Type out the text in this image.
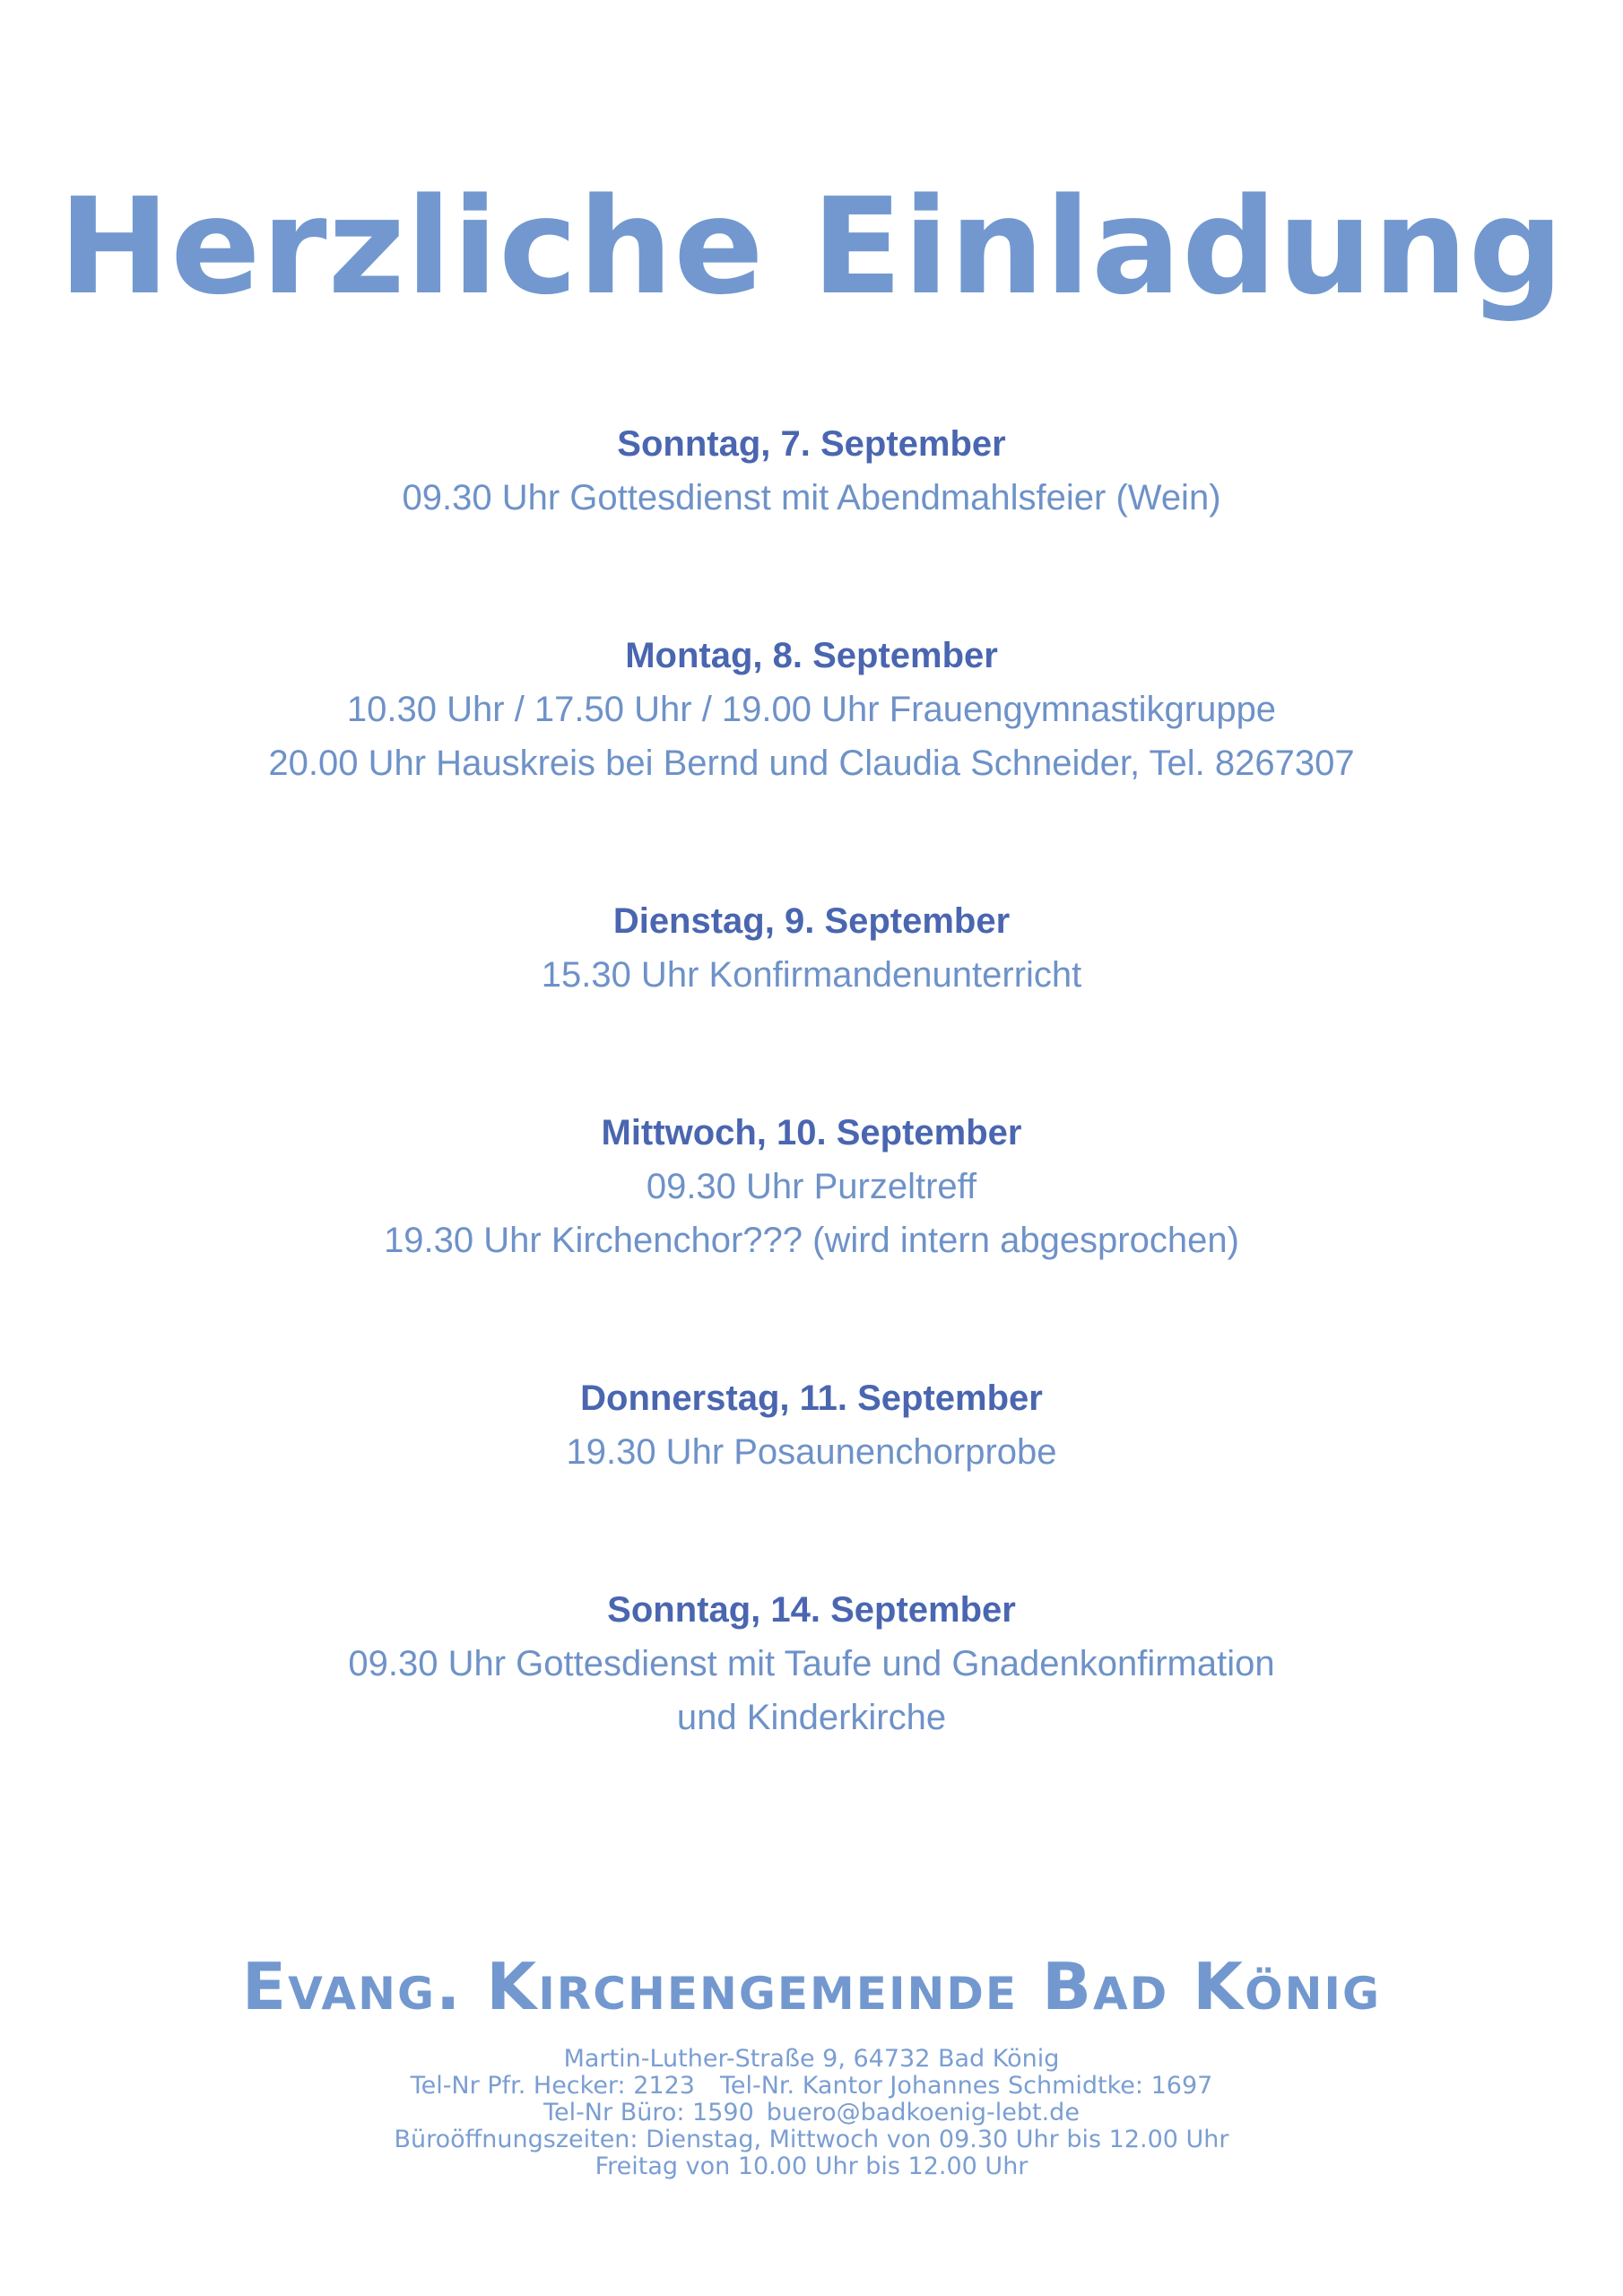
Herzliche Einladung
Sonntag, 7. September
09.30 Uhr Gottesdienst mit Abendmahlsfeier (Wein)
Montag, 8. September
10.30 Uhr / 17.50 Uhr / 19.00 Uhr Frauengymnastikgruppe
20.00 Uhr Hauskreis bei Bernd und Claudia Schneider, Tel. 8267307
Dienstag, 9. September
15.30 Uhr Konfirmandenunterricht
Mittwoch, 10. September
09.30 Uhr Purzeltreff
19.30 Uhr Kirchenchor??? (wird intern abgesprochen)
Donnerstag, 11. September
19.30 Uhr Posaunenchorprobe
Sonntag, 14. September
09.30 Uhr Gottesdienst mit Taufe und Gnadenkonfirmation
und Kinderkirche
Evang. Kirchengemeinde Bad König
Martin-Luther-Straße 9, 64732 Bad König
Tel-Nr Pfr. Hecker: 2123 Tel-Nr. Kantor Johannes Schmidtke: 1697
Tel-Nr Büro: 1590 buero@badkoenig-lebt.de
Büroöffnungszeiten: Dienstag, Mittwoch von 09.30 Uhr bis 12.00 Uhr
Freitag von 10.00 Uhr bis 12.00 Uhr
